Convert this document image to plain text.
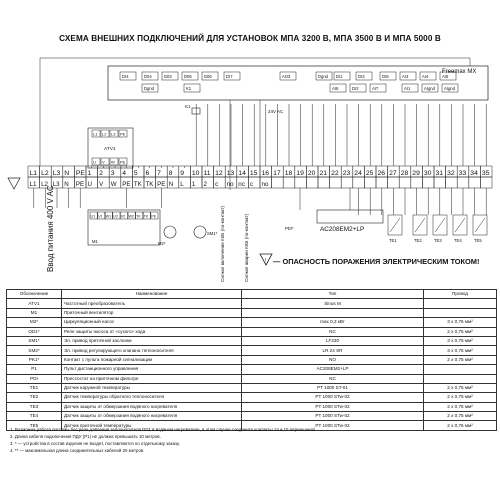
СХЕМА ВНЕШНИХ ПОДКЛЮЧЕНИЙ ДЛЯ УСТАНОВОК МПА 3200 В, МПА 3500 В И МПА 5000 В
Freemax MX
DI4	D04	D03	D05	D06	DI7	AO3	Dgnd DI1	DI3	DI8	AI3	AI4	AI5
Dgnd	K1	AI6	DI2	AI7	AI1	AIgnd AIgnd
K1
24V AC
ATV1
L1 L2 L3 PE
U V W PE
L1 L2 L3 N PE 1 2 3 4 5 6 7 8 9 10 11 12 13 14 15 16 17 18 19 20 21 22 23 24 25 26 27 28 29 30 31 32 33 34 35
L1 L2 L3 N PE U V W PE TK TK PE N L 1 2 c no nc c no
U1 V1 W1 U2 V2 W2 TK TK PE
M1	M2*
SM1*
AC208EM2+LP
PDI*
TE1	TE2	TE3	TE4	TE5
! — ОПАСНОСТЬ ПОРАЖЕНИЯ ЭЛЕКТРИЧЕСКИМ ТОКОМ!
Ввод питания 400 V AC	Сигнал включения ККБ (по-контакт)	Сигнал аварии ККБ (по-контакт)
Обозначение	Наименование	Тип	Провод
ATV1	Частотный преобразователь	Sinus M	
M1	Приточный вентилятор		
M2*	Циркуляционный насос	max 0,3 кВт	3 х 0,75 мм²
OD1*	Реле защиты насоса от «сухого» хода	NC	2 х 0,75 мм²
SM1*	Эл. привод приточной заслонки	LF230	3 х 0,75 мм²
SM2*	Эл. привод регулирующего клапана теплоносителя	LR 24 SR	3 х 0,75 мм²
PK1*	Контакт с пульта пожарной сигнализации	NO	2 х 0,75 мм²
P1	Пульт дистанционного управления	AC208EM2+LP	
PDI	Прессостат на приточном фильтре	NC	
TE1	Датчик наружной температуры	PT 1000 ST-01	2 х 0,75 мм²
TE2	Датчик температуры обратного теплоносителя	PT 1000 STw-02	2 х 0,75 мм²
TE3	Датчик защиты от обмерзания водяного нагревателя	PT 1000 STw-02	2 х 0,75 мм²
TE4	Датчик защиты от обмерзания водяного нагревателя	PT 1000 STw-02	2 х 0,75 мм²
TE5	Датчик приточной температуры	PT 1000 STw-02	2 х 0,75 мм²
1. Возможна работа системы без реле давления теплоносителя DD1 в водяном нагревателе, в этом случае соедините контакты 14 и 15 перемычкой.
2. Длина кабеля подключения ПДУ (P1) не должна превышать 10 метров.
3. * — устройства в состав изделия не входят, поставляются по отдельному заказу.
4. ** — максимальная длина соединительных кабелей 20 метров.
